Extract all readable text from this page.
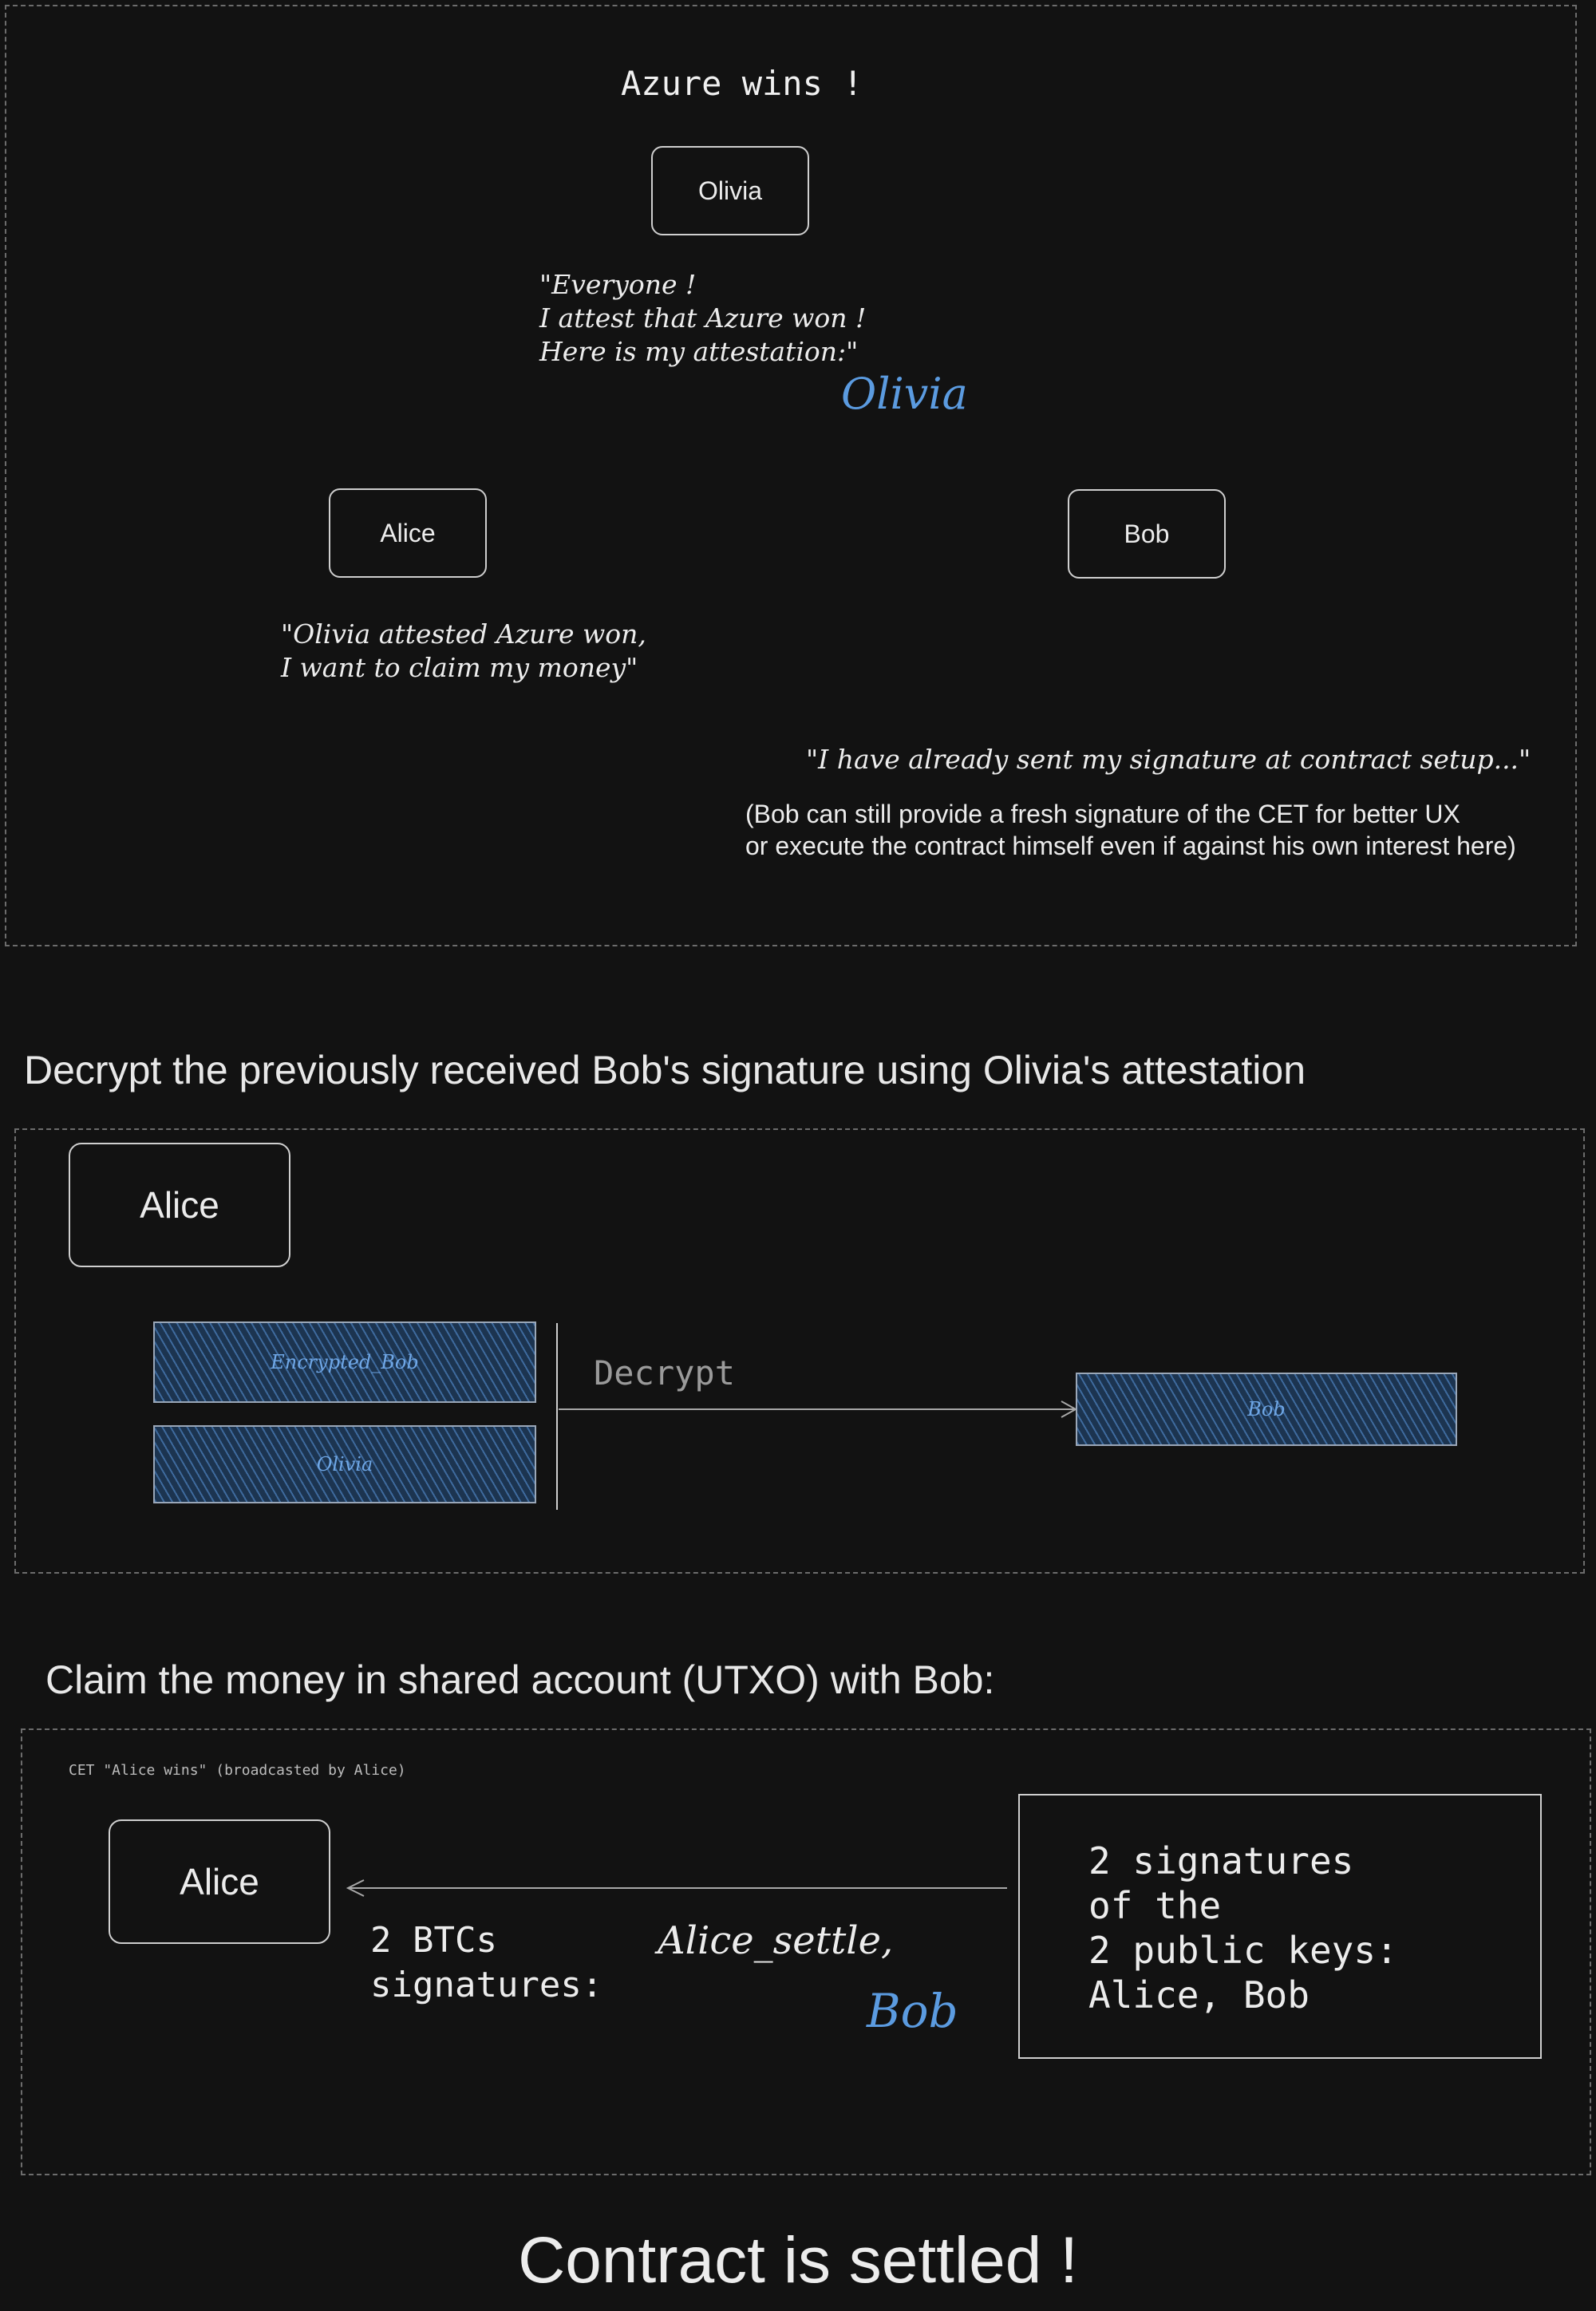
Azure wins !
Olivia
"Everyone !
I attest that Azure won !
Here is my attestation:"
Olivia
Alice	Bob
"Olivia attested Azure won,
I want to claim my money"
"I have already sent my signature at contract setup..."
(Bob can still provide a fresh signature of the CET for better UX
or execute the contract himself even if against his own interest here)
Decrypt the previously received Bob's signature using Olivia's attestation
Alice
Encrypted_Bob
Olivia
Decrypt
Bob
Claim the money in shared account (UTXO) with Bob:
CET "Alice wins" (broadcasted by Alice)
Alice
2 BTCs
signatures:
Alice_settle,
Bob
2 signatures
of the
2 public keys:
Alice, Bob
Contract is settled !
